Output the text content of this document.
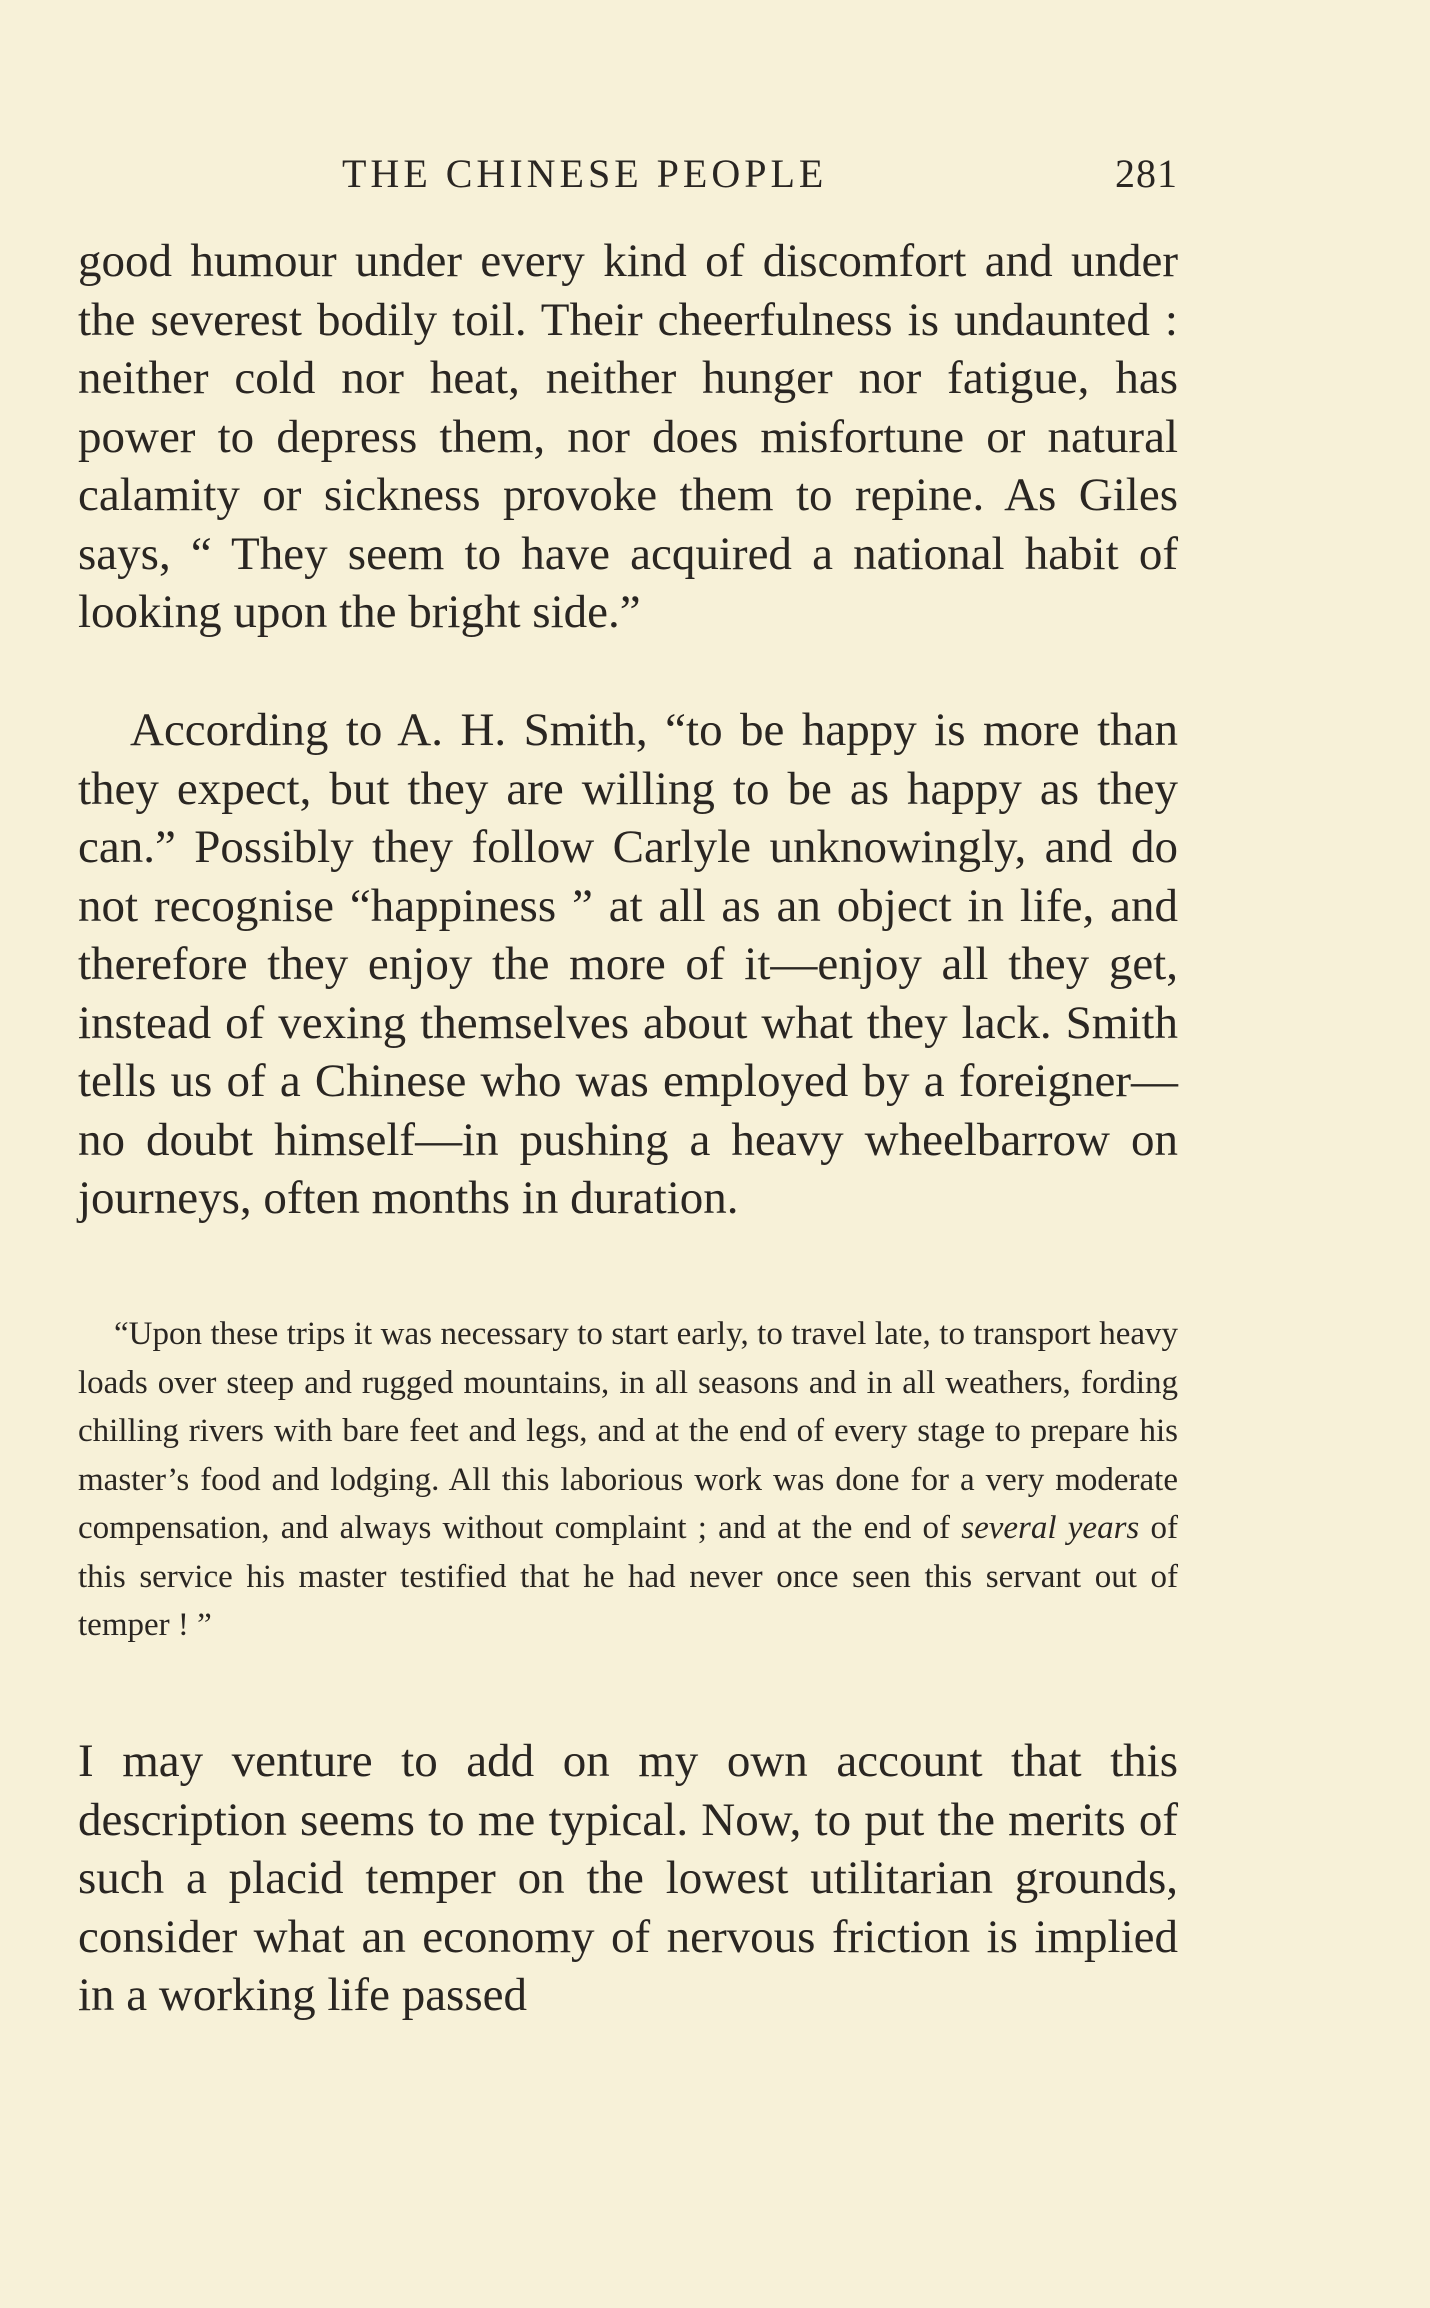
THE CHINESE PEOPLE	281

good humour under every kind of discomfort and under the severest bodily toil. Their cheerfulness is undaunted : neither cold nor heat, neither hunger nor fatigue, has power to depress them, nor does misfortune or natural calamity or sickness provoke them to repine. As Giles says, “ They seem to have acquired a national habit of looking upon the bright side.”

According to A. H. Smith, “to be happy is more than they expect, but they are willing to be as happy as they can.” Possibly they follow Carlyle unknowingly, and do not recognise “happiness ” at all as an object in life, and therefore they enjoy the more of it—enjoy all they get, instead of vexing themselves about what they lack. Smith tells us of a Chinese who was employed by a foreigner—no doubt himself—in pushing a heavy wheelbarrow on journeys, often months in duration.

“Upon these trips it was necessary to start early, to travel late, to transport heavy loads over steep and rugged mountains, in all seasons and in all weathers, fording chilling rivers with bare feet and legs, and at the end of every stage to prepare his master’s food and lodging. All this laborious work was done for a very moderate compensation, and always without complaint ; and at the end of several years of this service his master testified that he had never once seen this servant out of temper ! ”

I may venture to add on my own account that this description seems to me typical. Now, to put the merits of such a placid temper on the lowest utilitarian grounds, consider what an economy of nervous friction is implied in a working life passed
